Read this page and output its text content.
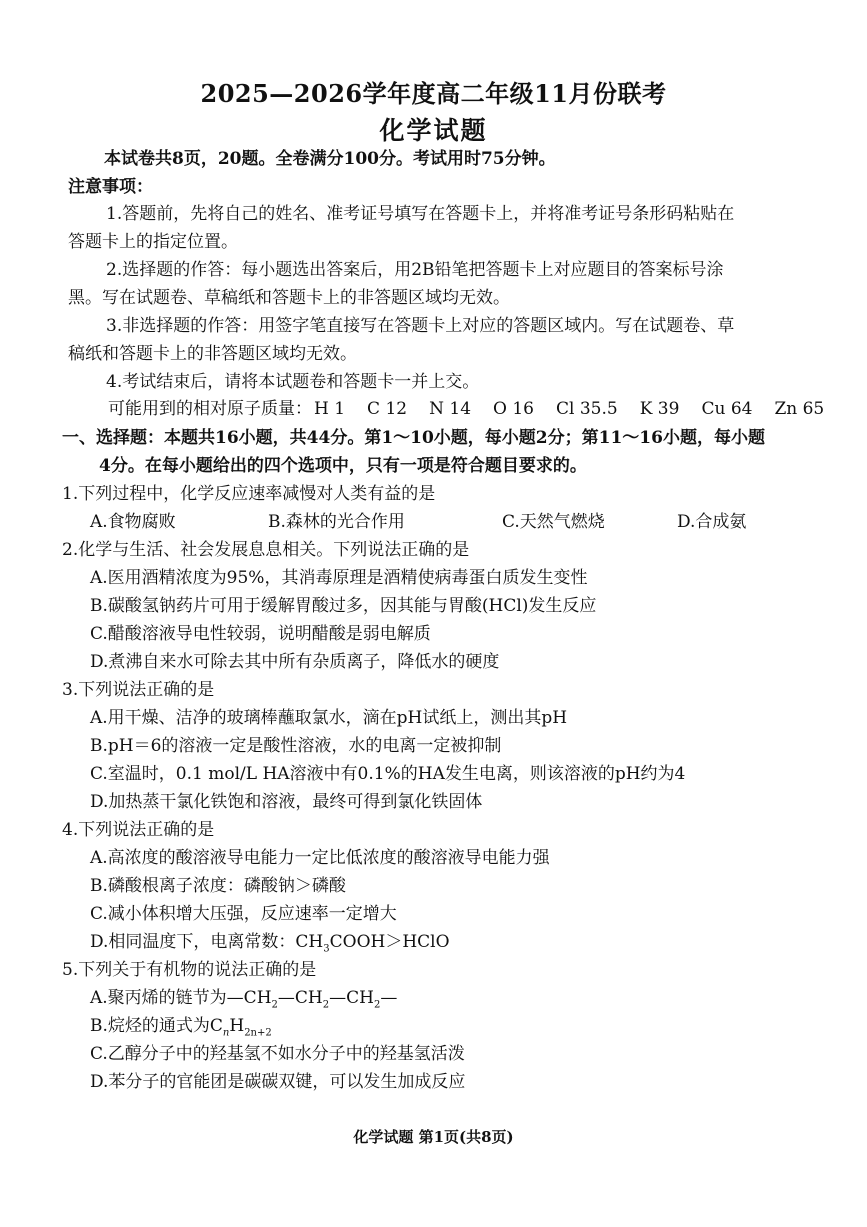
2025—2026学年度高二年级11月份联考
化学试题
本试卷共8页，20题。全卷满分100分。考试用时75分钟。
注意事项：
1.答题前，先将自己的姓名、准考证号填写在答题卡上，并将准考证号条形码粘贴在
答题卡上的指定位置。
2.选择题的作答：每小题选出答案后，用2B铅笔把答题卡上对应题目的答案标号涂
黑。写在试题卷、草稿纸和答题卡上的非答题区域均无效。
3.非选择题的作答：用签字笔直接写在答题卡上对应的答题区域内。写在试题卷、草
稿纸和答题卡上的非答题区域均无效。
4.考试结束后，请将本试题卷和答题卡一并上交。
可能用到的相对原子质量： H 1 C 12 N 14 O 16 Cl 35.5 K 39 Cu 64 Zn 65
一、选择题：本题共16小题，共44分。第1～10小题，每小题2分；第11～16小题，每小题
4分。在每小题给出的四个选项中，只有一项是符合题目要求的。
1.下列过程中，化学反应速率减慢对人类有益的是
A.食物腐败	B.森林的光合作用	C.天然气燃烧	D.合成氨
2.化学与生活、社会发展息息相关。下列说法正确的是
A.医用酒精浓度为95%，其消毒原理是酒精使病毒蛋白质发生变性
B.碳酸氢钠药片可用于缓解胃酸过多，因其能与胃酸(HCl)发生反应
C.醋酸溶液导电性较弱，说明醋酸是弱电解质
D.煮沸自来水可除去其中所有杂质离子，降低水的硬度
3.下列说法正确的是
A.用干燥、洁净的玻璃棒蘸取氯水，滴在pH试纸上，测出其pH
B.pH＝6的溶液一定是酸性溶液，水的电离一定被抑制
C.室温时，0.1 mol/L HA溶液中有0.1%的HA发生电离，则该溶液的pH约为4
D.加热蒸干氯化铁饱和溶液，最终可得到氯化铁固体
4.下列说法正确的是
A.高浓度的酸溶液导电能力一定比低浓度的酸溶液导电能力强
B.磷酸根离子浓度：磷酸钠＞磷酸
C.减小体积增大压强，反应速率一定增大
D.相同温度下，电离常数：$CH_3COOH>HClO$
5.下列关于有机物的说法正确的是
A.聚丙烯的链节为$—CH_2—CH_2—CH_2—$
B.烷烃的通式为$C_nH_{2n+2}$
C.乙醇分子中的羟基氢不如水分子中的羟基氢活泼
D.苯分子的官能团是碳碳双键，可以发生加成反应
化学试题 第1页(共8页)
